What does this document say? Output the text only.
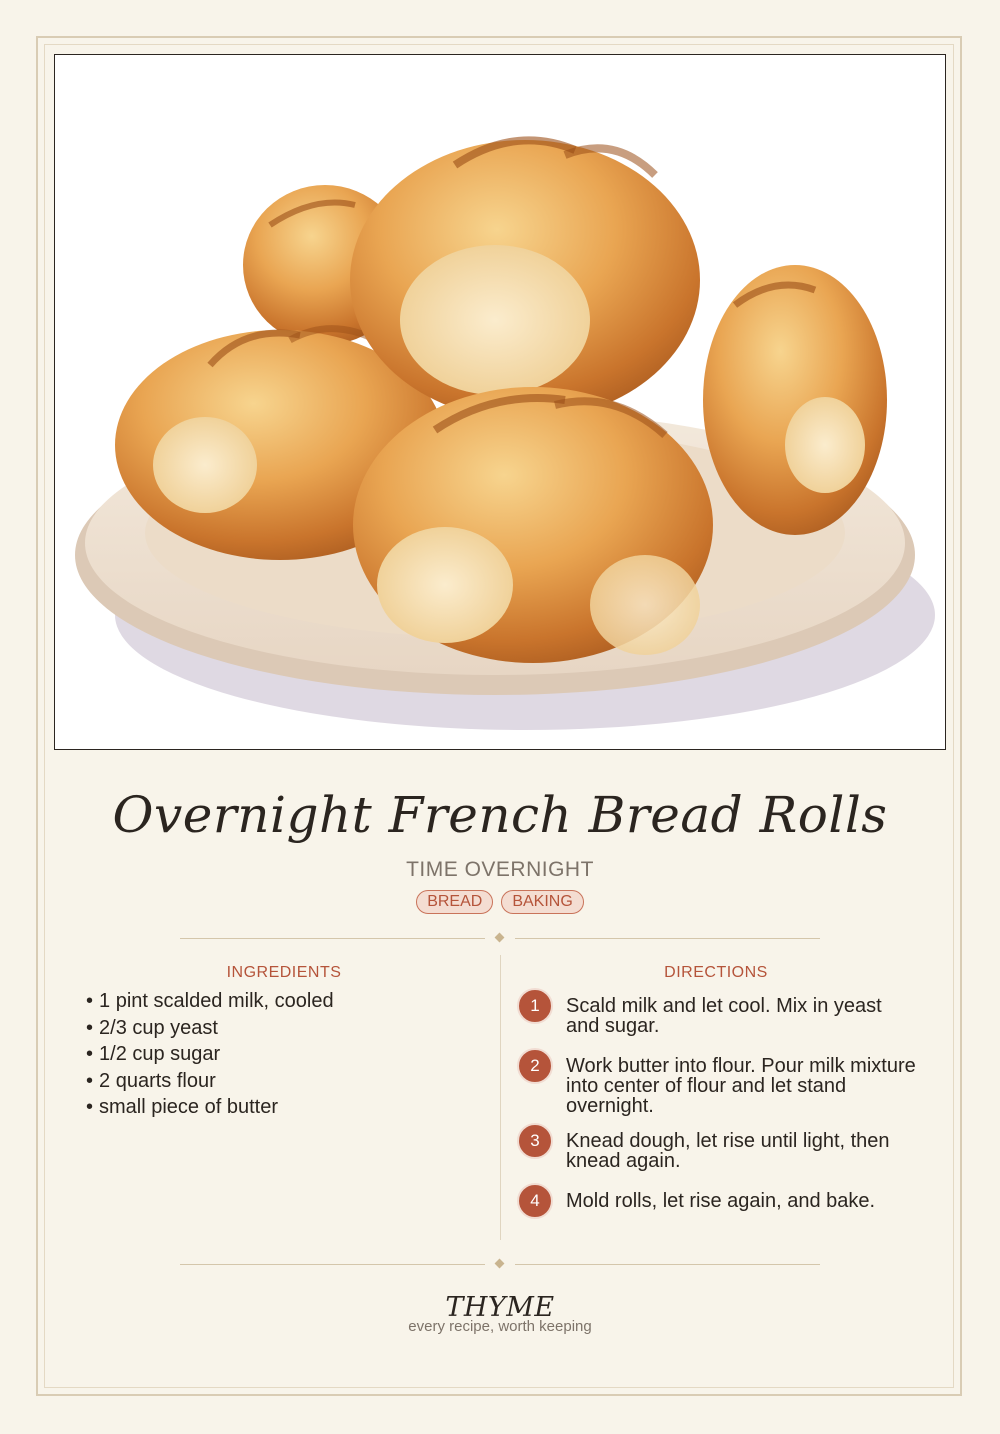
Overnight French Bread Rolls
TIME OVERNIGHT
BREAD	BAKING
INGREDIENTS
• 1 pint scalded milk, cooled
• 2/3 cup yeast
• 1/2 cup sugar
• 2 quarts flour
• small piece of butter
DIRECTIONS
1	Scald milk and let cool. Mix in yeast and sugar.
2	Work butter into flour. Pour milk mixture into center of flour and let stand overnight.
3	Knead dough, let rise until light, then knead again.
4	Mold rolls, let rise again, and bake.
THYME
every recipe, worth keeping
